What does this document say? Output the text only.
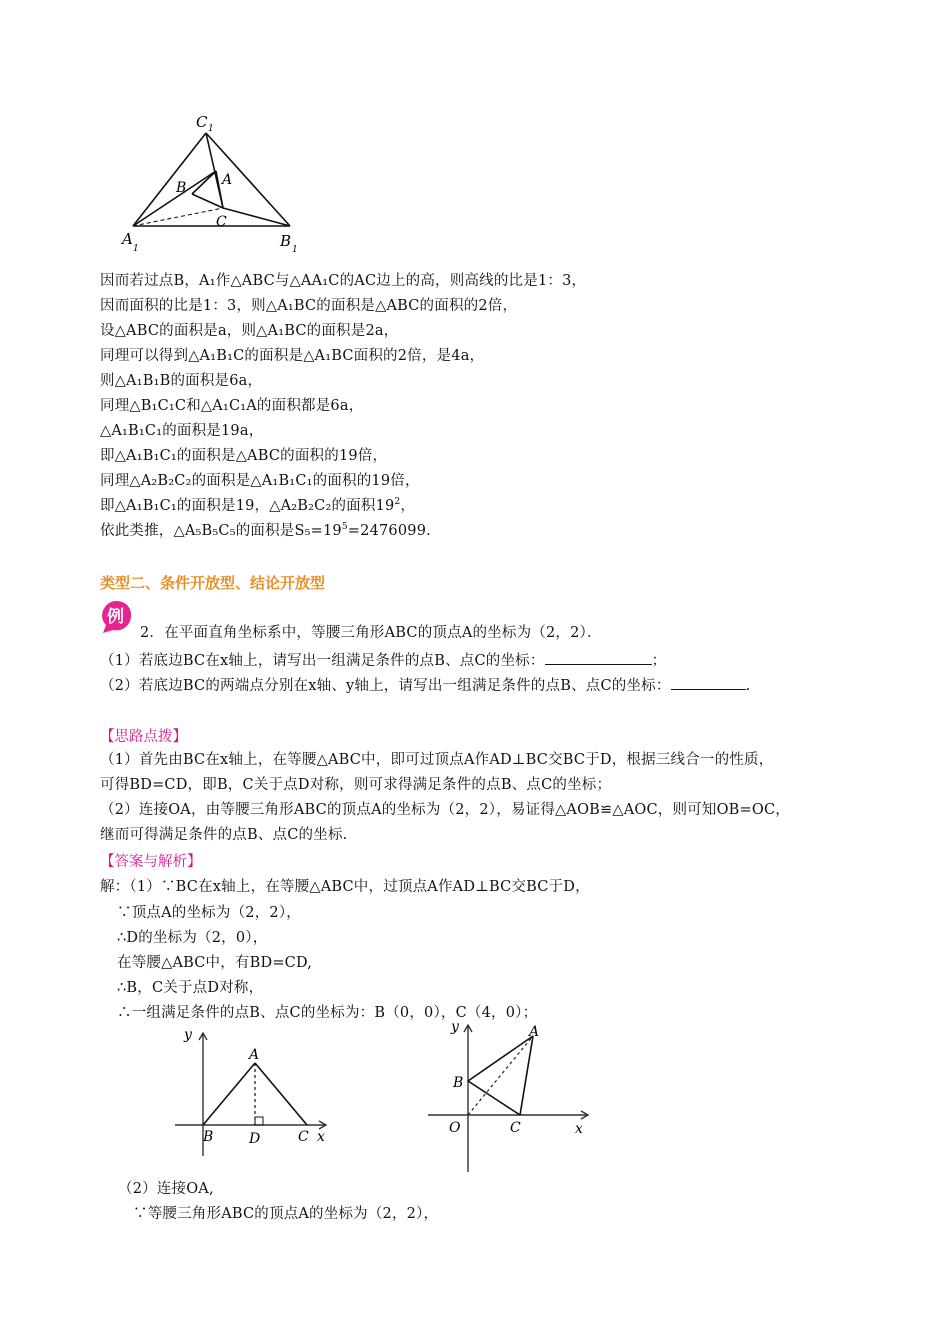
C 1
A
B
C
A
1	B 1
因而若过点B，A₁作△ABC与△AA₁C的AC边上的高，则高线的比是1：3，
因而面积的比是1：3，则△A₁BC的面积是△ABC的面积的2倍，
设△ABC的面积是a，则△A₁BC的面积是2a，
同理可以得到△A₁B₁C的面积是△A₁BC面积的2倍，是4a，
则△A₁B₁B的面积是6a，
同理△B₁C₁C和△A₁C₁A的面积都是6a，
△A₁B₁C₁的面积是19a，
即△A₁B₁C₁的面积是△ABC的面积的19倍，
同理△A₂B₂C₂的面积是△A₁B₁C₁的面积的19倍，
即△A₁B₁C₁的面积是19，△A₂B₂C₂的面积$19^2$，
依此类推，△A₅B₅C₅的面积是$S_5=19^5=2476099$.
类型二、条件开放型、结论开放型
例
2．在平面直角坐标系中，等腰三角形ABC的顶点A的坐标为（2，2）．
（1）若底边BC在x轴上，请写出一组满足条件的点B、点C的坐标：	；
（2）若底边BC的两端点分别在x轴、y轴上，请写出一组满足条件的点B、点C的坐标：	.
【思路点拨】
（1）首先由BC在x轴上，在等腰△ABC中，即可过顶点A作AD⊥BC交BC于D，根据三线合一的性质，
可得BD=CD，即B，C关于点D对称，则可求得满足条件的点B、点C的坐标；
（2）连接OA，由等腰三角形ABC的顶点A的坐标为（2，2），易证得△AOB≌△AOC，则可知OB=OC，
继而可得满足条件的点B、点C的坐标.
【答案与解析】
解：（1）∵BC在x轴上，在等腰△ABC中，过顶点A作AD⊥BC交BC于D，
∵顶点A的坐标为（2，2），
∴D的坐标为（2，0），
在等腰△ABC中，有BD=CD,
∴B，C关于点D对称，
∴一组满足条件的点B、点C的坐标为：B（0，0），C（4，0）；
y
A
B	D	C x
y	A
B
O	C	x
（2）连接OA,
∵等腰三角形ABC的顶点A的坐标为（2，2），
